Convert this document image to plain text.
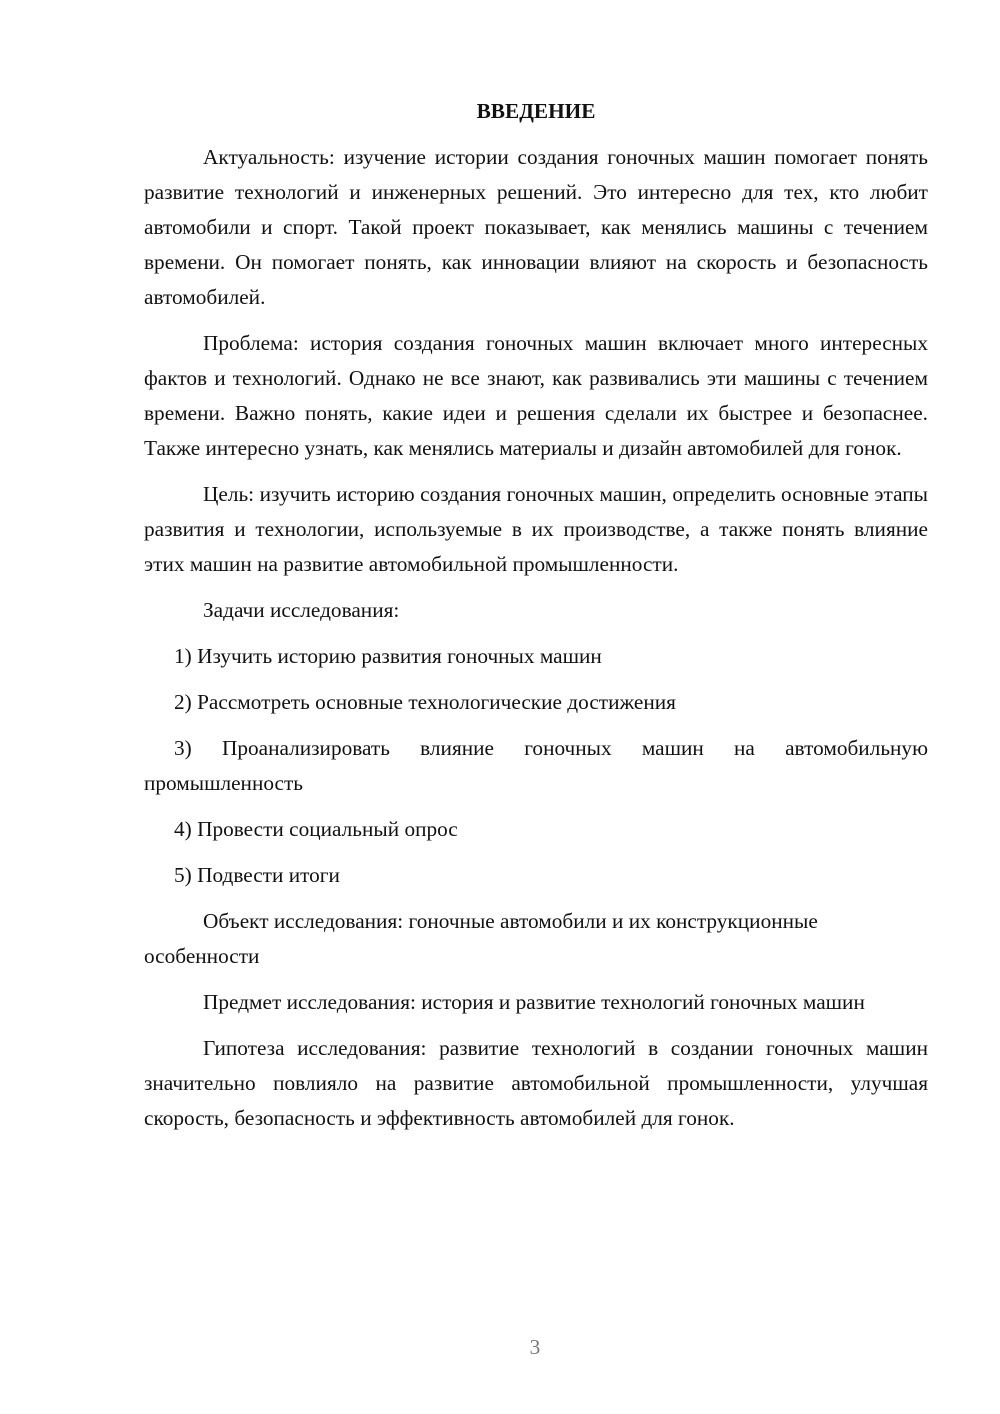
ВВЕДЕНИЕ

Актуальность: изучение истории создания гоночных машин помогает понять развитие технологий и инженерных решений. Это интересно для тех, кто любит автомобили и спорт. Такой проект показывает, как менялись машины с течением времени. Он помогает понять, как инновации влияют на скорость и безопасность автомобилей.

Проблема: история создания гоночных машин включает много интересных фактов и технологий. Однако не все знают, как развивались эти машины с течением времени. Важно понять, какие идеи и решения сделали их быстрее и безопаснее. Также интересно узнать, как менялись материалы и дизайн автомобилей для гонок.

Цель: изучить историю создания гоночных машин, определить основные этапы развития и технологии, используемые в их производстве, а также понять влияние этих машин на развитие автомобильной промышленности.

Задачи исследования:

1) Изучить историю развития гоночных машин

2) Рассмотреть основные технологические достижения

3) Проанализировать влияние гоночных машин на автомобильную промышленность

4) Провести социальный опрос

5) Подвести итоги

Объект исследования: гоночные автомобили и их конструкционные особенности

Предмет исследования: история и развитие технологий гоночных машин

Гипотеза исследования: развитие технологий в создании гоночных машин значительно повлияло на развитие автомобильной промышленности, улучшая скорость, безопасность и эффективность автомобилей для гонок.

3
